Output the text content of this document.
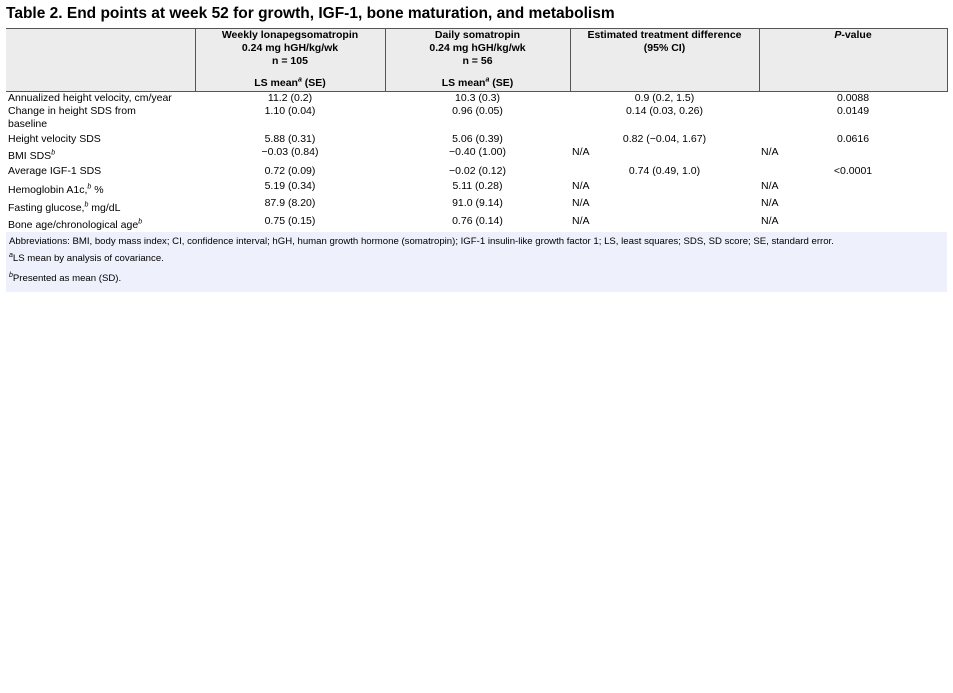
Table 2. End points at week 52 for growth, IGF-1, bone maturation, and metabolism

	Weekly lonapegsomatropin
0.24 mg hGH/kg/wk
n = 105
LS mean$^a$ (SE)	Daily somatropin
0.24 mg hGH/kg/wk
n = 56
LS mean$^a$ (SE)	Estimated treatment difference
(95% CI)	P-value
Annualized height velocity, cm/year	11.2 (0.2)	10.3 (0.3)	0.9 (0.2, 1.5)	0.0088
Change in height SDS from baseline	1.10 (0.04)	0.96 (0.05)	0.14 (0.03, 0.26)	0.0149
Height velocity SDS	5.88 (0.31)	5.06 (0.39)	0.82 (−0.04, 1.67)	0.0616
BMI $SDS^b$	−0.03 (0.84)	−0.40 (1.00)	N/A	N/A
Average IGF-1 SDS	0.72 (0.09)	−0.02 (0.12)	0.74 (0.49, 1.0)	<0.0001
Hemoglobin A1c,$^b$ %	5.19 (0.34)	5.11 (0.28)	N/A	N/A
Fasting glucose,$^b$ mg/dL	87.9 (8.20)	91.0 (9.14)	N/A	N/A
Bone age/chronological age$^b$	0.75 (0.15)	0.76 (0.14)	N/A	N/A

Abbreviations: BMI, body mass index; CI, confidence interval; hGH, human growth hormone (somatropin); IGF-1 insulin-like growth factor 1; LS, least squares; SDS, SD score; SE, standard error.
$^a$LS mean by analysis of covariance.
$^b$Presented as mean (SD).				
